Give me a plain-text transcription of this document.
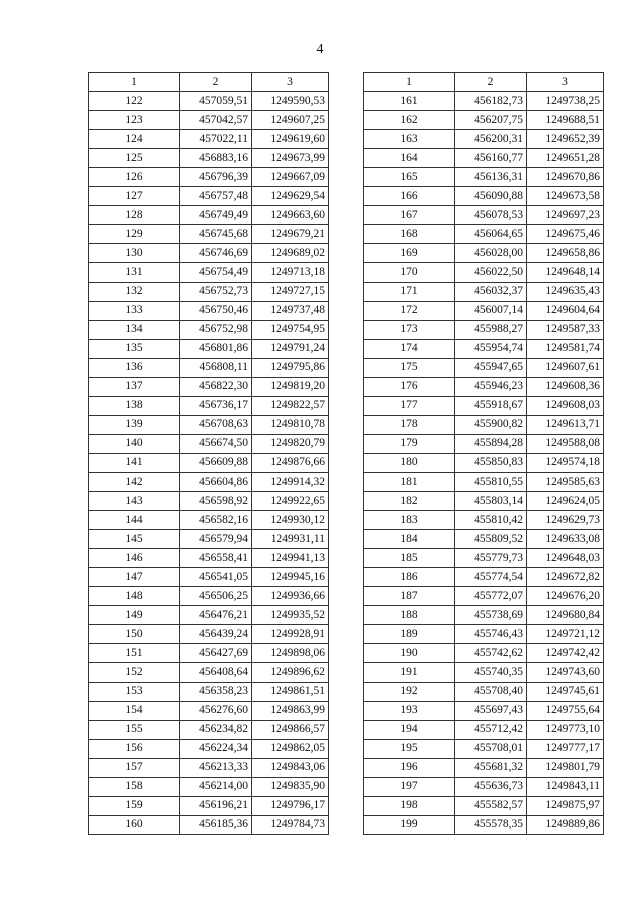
4
1	2	3
122	457059,51	1249590,53
123	457042,57	1249607,25
124	457022,11	1249619,60
125	456883,16	1249673,99
126	456796,39	1249667,09
127	456757,48	1249629,54
128	456749,49	1249663,60
129	456745,68	1249679,21
130	456746,69	1249689,02
131	456754,49	1249713,18
132	456752,73	1249727,15
133	456750,46	1249737,48
134	456752,98	1249754,95
135	456801,86	1249791,24
136	456808,11	1249795,86
137	456822,30	1249819,20
138	456736,17	1249822,57
139	456708,63	1249810,78
140	456674,50	1249820,79
141	456609,88	1249876,66
142	456604,86	1249914,32
143	456598,92	1249922,65
144	456582,16	1249930,12
145	456579,94	1249931,11
146	456558,41	1249941,13
147	456541,05	1249945,16
148	456506,25	1249936,66
149	456476,21	1249935,52
150	456439,24	1249928,91
151	456427,69	1249898,06
152	456408,64	1249896,62
153	456358,23	1249861,51
154	456276,60	1249863,99
155	456234,82	1249866,57
156	456224,34	1249862,05
157	456213,33	1249843,06
158	456214,00	1249835,90
159	456196,21	1249796,17
160	456185,36	1249784,73
1	2	3
161	456182,73	1249738,25
162	456207,75	1249688,51
163	456200,31	1249652,39
164	456160,77	1249651,28
165	456136,31	1249670,86
166	456090,88	1249673,58
167	456078,53	1249697,23
168	456064,65	1249675,46
169	456028,00	1249658,86
170	456022,50	1249648,14
171	456032,37	1249635,43
172	456007,14	1249604,64
173	455988,27	1249587,33
174	455954,74	1249581,74
175	455947,65	1249607,61
176	455946,23	1249608,36
177	455918,67	1249608,03
178	455900,82	1249613,71
179	455894,28	1249588,08
180	455850,83	1249574,18
181	455810,55	1249585,63
182	455803,14	1249624,05
183	455810,42	1249629,73
184	455809,52	1249633,08
185	455779,73	1249648,03
186	455774,54	1249672,82
187	455772,07	1249676,20
188	455738,69	1249680,84
189	455746,43	1249721,12
190	455742,62	1249742,42
191	455740,35	1249743,60
192	455708,40	1249745,61
193	455697,43	1249755,64
194	455712,42	1249773,10
195	455708,01	1249777,17
196	455681,32	1249801,79
197	455636,73	1249843,11
198	455582,57	1249875,97
199	455578,35	1249889,86
